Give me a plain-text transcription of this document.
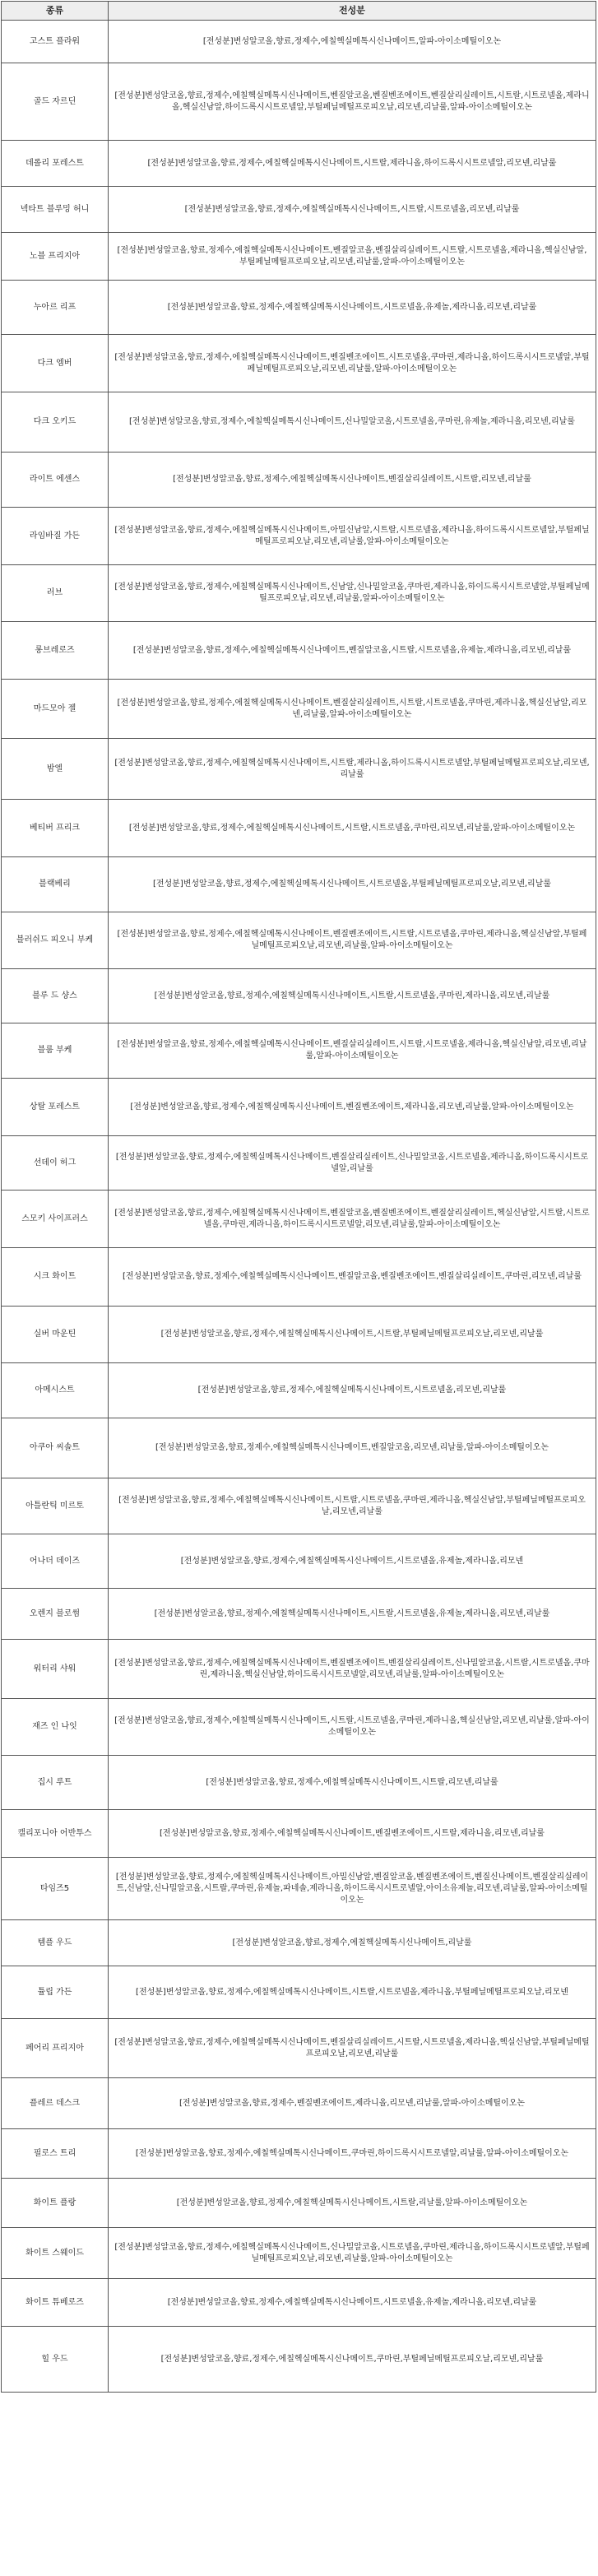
종류	전성분
고스트 플라워	[전성분]변성알코올,향료,정제수,에칠헥실메톡시신나메이트,알파-아이소메틸이오논
골드 자르딘	[전성분]변성알코올,향료,정제수,에칠헥실메톡시신나메이트,벤질알코올,벤질벤조에이트,벤질살리실레이트,시트랄,시트로넬올,제라니올,헥실신남알,하이드록시시트로넬알,부틸페닐메틸프로피오날,리모넨,리날룰,알파-아이소메틸이오논
데롤리 포레스트	[전성분]변성알코올,향료,정제수,에칠헥실메톡시신나메이트,시트랄,제라니올,하이드록시시트로넬알,리모넨,리날룰
넥타트 블루밍 허니	[전성분]변성알코올,향료,정제수,에칠헥실메톡시신나메이트,시트랄,시트로넬올,리모넨,리날룰
노블 프리지아	[전성분]변성알코올,향료,정제수,에칠헥실메톡시신나메이트,벤질알코올,벤질살리실레이트,시트랄,시트로넬올,제라니올,헥실신남알,부틸페닐메틸프로피오날,리모넨,리날룰,알파-아이소메틸이오논
누아르 리프	[전성분]변성알코올,향료,정제수,에칠헥실메톡시신나메이트,시트로넬올,유제놀,제라니올,리모넨,리날룰
다크 엠버	[전성분]변성알코올,향료,정제수,에칠헥실메톡시신나메이트,벤질벤조에이트,시트로넬올,쿠마린,제라니올,하이드록시시트로넬알,부틸페닐메틸프로피오날,리모넨,리날룰,알파-아이소메틸이오논
다크 오키드	[전성분]변성알코올,향료,정제수,에칠헥실메톡시신나메이트,신나밀알코올,시트로넬올,쿠마린,유제놀,제라니올,리모넨,리날룰
라이트 에센스	[전성분]변성알코올,향료,정제수,에칠헥실메톡시신나메이트,벤질살리실레이트,시트랄,리모넨,리날룰
라임바질 가든	[전성분]변성알코올,향료,정제수,에칠헥실메톡시신나메이트,아밀신남알,시트랄,시트로넬올,제라니올,하이드록시시트로넬알,부틸페닐메틸프로피오날,리모넨,리날룰,알파-아이소메틸이오논
러브	[전성분]변성알코올,향료,정제수,에칠헥실메톡시신나메이트,신남알,신나밀알코올,쿠마린,제라니올,하이드록시시트로넬알,부틸페닐메틸프로피오날,리모넨,리날룰,알파-아이소메틸이오논
롱브레로즈	[전성분]변성알코올,향료,정제수,에칠헥실메톡시신나메이트,벤질알코올,시트랄,시트로넬올,유제놀,제라니올,리모넨,리날룰
마드모아 젤	[전성분]변성알코올,향료,정제수,에칠헥실메톡시신나메이트,벤질살리실레이트,시트랄,시트로넬올,쿠마린,제라니올,헥실신남알,리모넨,리날룰,알파-아이소메틸이오논
밤엘	[전성분]변성알코올,향료,정제수,에칠헥실메톡시신나메이트,시트랄,제라니올,하이드록시시트로넬알,부틸페닐메틸프로피오날,리모넨,리날룰
베티버 프리크	[전성분]변성알코올,향료,정제수,에칠헥실메톡시신나메이트,시트랄,시트로넬올,쿠마린,리모넨,리날룰,알파-아이소메틸이오논
블랙베리	[전성분]변성알코올,향료,정제수,에칠헥실메톡시신나메이트,시트로넬올,부틸페닐메틸프로피오날,리모넨,리날룰
블러쉬드 피오니 부케	[전성분]변성알코올,향료,정제수,에칠헥실메톡시신나메이트,벤질벤조에이트,시트랄,시트로넬올,쿠마린,제라니올,헥실신남알,부틸페닐메틸프로피오날,리모넨,리날룰,알파-아이소메틸이오논
블루 드 샹스	[전성분]변성알코올,향료,정제수,에칠헥실메톡시신나메이트,시트랄,시트로넬올,쿠마린,제라니올,리모넨,리날룰
블룸 부케	[전성분]변성알코올,향료,정제수,에칠헥실메톡시신나메이트,벤질살리실레이트,시트랄,시트로넬올,제라니올,헥실신남알,리모넨,리날룰,알파-아이소메틸이오논
상탈 포레스트	[전성분]변성알코올,향료,정제수,에칠헥실메톡시신나메이트,벤질벤조에이트,제라니올,리모넨,리날룰,알파-아이소메틸이오논
선데이 허그	[전성분]변성알코올,향료,정제수,에칠헥실메톡시신나메이트,벤질살리실레이트,신나밀알코올,시트로넬올,제라니올,하이드록시시트로넬알,리날룰
스모키 사이프러스	[전성분]변성알코올,향료,정제수,에칠헥실메톡시신나메이트,벤질알코올,벤질벤조에이트,벤질살리실레이트,헥실신남알,시트랄,시트로넬올,쿠마린,제라니올,하이드록시시트로넬알,리모넨,리날룰,알파-아이소메틸이오논
시크 화이트	[전성분]변성알코올,향료,정제수,에칠헥실메톡시신나메이트,벤질알코올,벤질벤조에이트,벤질살리실레이트,쿠마린,리모넨,리날룰
실버 마운틴	[전성분]변성알코올,향료,정제수,에칠헥실메톡시신나메이트,시트랄,부틸페닐메틸프로피오날,리모넨,리날룰
아메시스트	[전성분]변성알코올,향료,정제수,에칠헥실메톡시신나메이트,시트로넬올,리모넨,리날룰
아쿠아 씨솔트	[전성분]변성알코올,향료,정제수,에칠헥실메톡시신나메이트,벤질알코올,리모넨,리날룰,알파-아이소메틸이오논
아틀란틱 미르토	[전성분]변성알코올,향료,정제수,에칠헥실메톡시신나메이트,시트랄,시트로넬올,쿠마린,제라니올,헥실신남알,부틸페닐메틸프로피오날,리모넨,리날룰
어나더 데이즈	[전성분]변성알코올,향료,정제수,에칠헥실메톡시신나메이트,시트로넬올,유제놀,제라니올,리모넨
오렌지 블로썸	[전성분]변성알코올,향료,정제수,에칠헥실메톡시신나메이트,시트랄,시트로넬올,유제놀,제라니올,리모넨,리날룰
워터리 샤워	[전성분]변성알코올,향료,정제수,에칠헥실메톡시신나메이트,벤질벤조에이트,벤질살리실레이트,신나밀알코올,시트랄,시트로넬올,쿠마린,제라니올,헥실신남알,하이드록시시트로넬알,리모넨,리날룰,알파-아이소메틸이오논
재즈 인 나잇	[전성분]변성알코올,향료,정제수,에칠헥실메톡시신나메이트,시트랄,시트로넬올,쿠마린,제라니올,헥실신남알,리모넨,리날룰,알파-아이소메틸이오논
집시 루트	[전성분]변성알코올,향료,정제수,에칠헥실메톡시신나메이트,시트랄,리모넨,리날룰
캘리포니아 어반투스	[전성분]변성알코올,향료,정제수,에칠헥실메톡시신나메이트,벤질벤조에이트,시트랄,제라니올,리모넨,리날룰
타임즈5	[전성분]변성알코올,향료,정제수,에칠헥실메톡시신나메이트,아밀신남알,벤질알코올,벤질벤조에이트,벤질신나메이트,벤질살리실레이트,신남알,신나밀알코올,시트랄,쿠마린,유제놀,파네솔,제라니올,하이드록시시트로넬알,아이소유제놀,리모넨,리날룰,알파-아이소메틸이오논
템플 우드	[전성분]변성알코올,향료,정제수,에칠헥실메톡시신나메이트,리날룰
튤립 가든	[전성분]변성알코올,향료,정제수,에칠헥실메톡시신나메이트,시트랄,시트로넬올,제라니올,부틸페닐메틸프로피오날,리모넨
페어리 프리지아	[전성분]변성알코올,향료,정제수,에칠헥실메톡시신나메이트,벤질살리실레이트,시트랄,시트로넬올,제라니올,헥실신남알,부틸페닐메틸프로피오날,리모넨,리날룰
플레르 데스크	[전성분]변성알코올,향료,정제수,벤질벤조에이트,제라니올,리모넨,리날룰,알파-아이소메틸이오논
필로스 트리	[전성분]변성알코올,향료,정제수,에칠헥실메톡시신나메이트,쿠마린,하이드록시시트로넬알,리날룰,알파-아이소메틸이오논
화이트 플랑	[전성분]변성알코올,향료,정제수,에칠헥실메톡시신나메이트,시트랄,리날룰,알파-아이소메틸이오논
화이트 스웨이드	[전성분]변성알코올,향료,정제수,에칠헥실메톡시신나메이트,신나밀알코올,시트로넬올,쿠마린,제라니올,하이드록시시트로넬알,부틸페닐메틸프로피오날,리모넨,리날룰,알파-아이소메틸이오논
화이트 튜베로즈	[전성분]변성알코올,향료,정제수,에칠헥실메톡시신나메이트,시트로넬올,유제놀,제라니올,리모넨,리날룰
힐 우드	[전성분]변성알코올,향료,정제수,에칠헥실메톡시신나메이트,쿠마린,부틸페닐메틸프로피오날,리모넨,리날룰
